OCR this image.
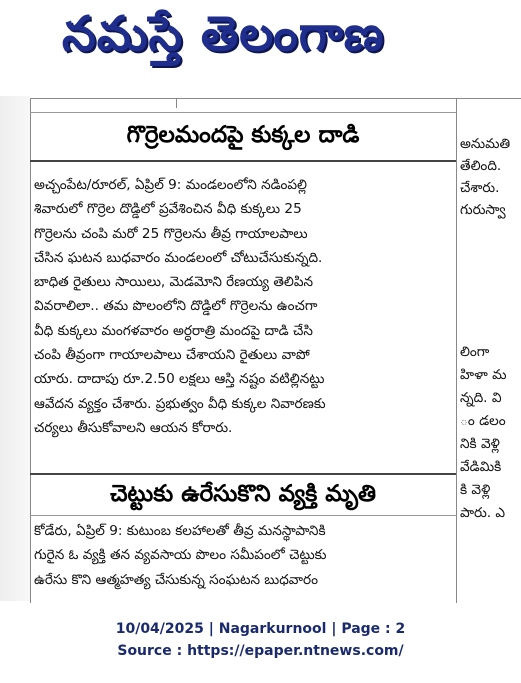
నమస్తే తెలంగాణ
గొర్రెలమందపై కుక్కల దాడి
అచ్చంపేట/రూరల్, ఏప్రిల్ 9: మండలంలోని నడింపల్లి
శివారులో గొర్రెల దొడ్డిలో ప్రవేశించిన వీధి కుక్కలు 25
గొర్రెలను చంపి మరో 25 గొర్రెలను తీవ్ర గాయాలపాలు
చేసిన ఘటన బుధవారం మండలంలో చోటుచేసుకున్నది.
బాధిత రైతులు సాయిలు, మెడమోని రేణయ్య తెలిపిన
వివరాలిలా.. తమ పొలంలోని దొడ్డిలో గొర్రెలను ఉంచగా
వీధి కుక్కలు మంగళవారం అర్ధరాత్రి మందపై దాడి చేసి
చంపి తీవ్రంగా గాయాలపాలు చేశాయని రైతులు వాపో
యారు. దాదాపు రూ.2.50 లక్షలు ఆస్తి నష్టం వటిల్లినట్టు
ఆవేదన వ్యక్తం చేశారు. ప్రభుత్వం వీధి కుక్కల నివారణకు
చర్యలు తీసుకోవాలని ఆయన కోరారు.
చెట్టుకు ఉరేసుకొని వ్యక్తి మృతి
కోడేరు, ఏప్రిల్ 9: కుటుంబ కలహాలతో తీవ్ర మనస్థాపానికి
గురైన ఓ వ్యక్తి తన వ్యవసాయ పొలం సమీపంలో చెట్టుకు
ఉరేసు కొని ఆత్మహత్య చేసుకున్న సంఘటన బుధవారం
అనుమతి
తేలింది.
చేశారు.
గురుస్వా
లింగా
హిళా మ
న్నది. వి
ం డలం
నికి వెళ్లి
వేడిమికి
కి వెళ్లి
పారు. ఎ
10/04/2025 | Nagarkurnool | Page : 2
Source : https://epaper.ntnews.com/
